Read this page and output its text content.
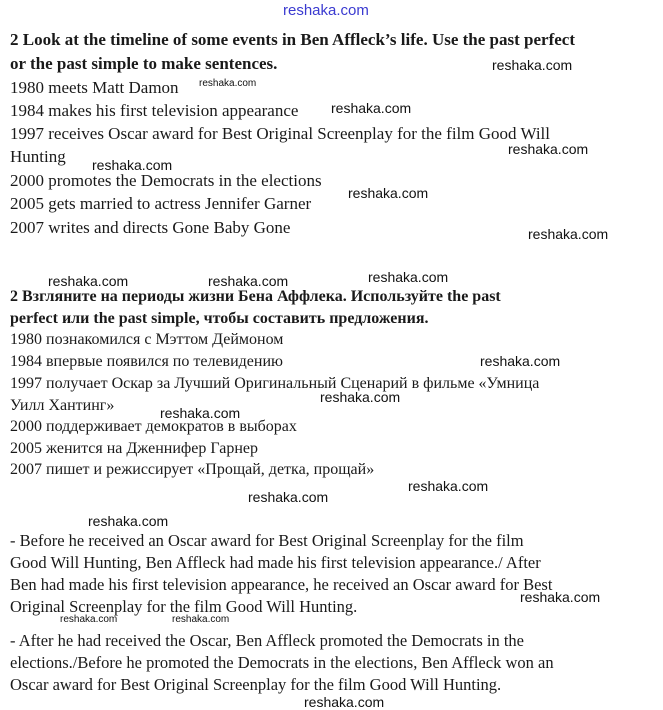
reshaka.com
reshaka.com
reshaka.com
reshaka.com
reshaka.com
reshaka.com
reshaka.com
reshaka.com
reshaka.com	reshaka.com	reshaka.com
reshaka.com
reshaka.com
reshaka.com
reshaka.com
reshaka.com
reshaka.com
reshaka.com
reshaka.com	reshaka.com
reshaka.com
2 Look at the timeline of some events in Ben Affleck’s life. Use the past perfect
or the past simple to make sentences.
1980 meets Matt Damon
1984 makes his first television appearance
1997 receives Oscar award for Best Original Screenplay for the film Good Will
Hunting
2000 promotes the Democrats in the elections
2005 gets married to actress Jennifer Garner
2007 writes and directs Gone Baby Gone
2 Взгляните на периоды жизни Бена Аффлека. Используйте the past
perfect или the past simple, чтобы составить предложения.
1980 познакомился с Мэттом Деймоном
1984 впервые появился по телевидению
1997 получает Оскар за Лучший Оригинальный Сценарий в фильме «Умница
Уилл Хантинг»
2000 поддерживает демократов в выборах
2005 женится на Дженнифер Гарнер
2007 пишет и режиссирует «Прощай, детка, прощай»
- Before he received an Oscar award for Best Original Screenplay for the film
Good Will Hunting, Ben Affleck had made his first television appearance./ After
Ben had made his first television appearance, he received an Oscar award for Best
Original Screenplay for the film Good Will Hunting.
- After he had received the Oscar, Ben Affleck promoted the Democrats in the
elections./Before he promoted the Democrats in the elections, Ben Affleck won an
Oscar award for Best Original Screenplay for the film Good Will Hunting.
